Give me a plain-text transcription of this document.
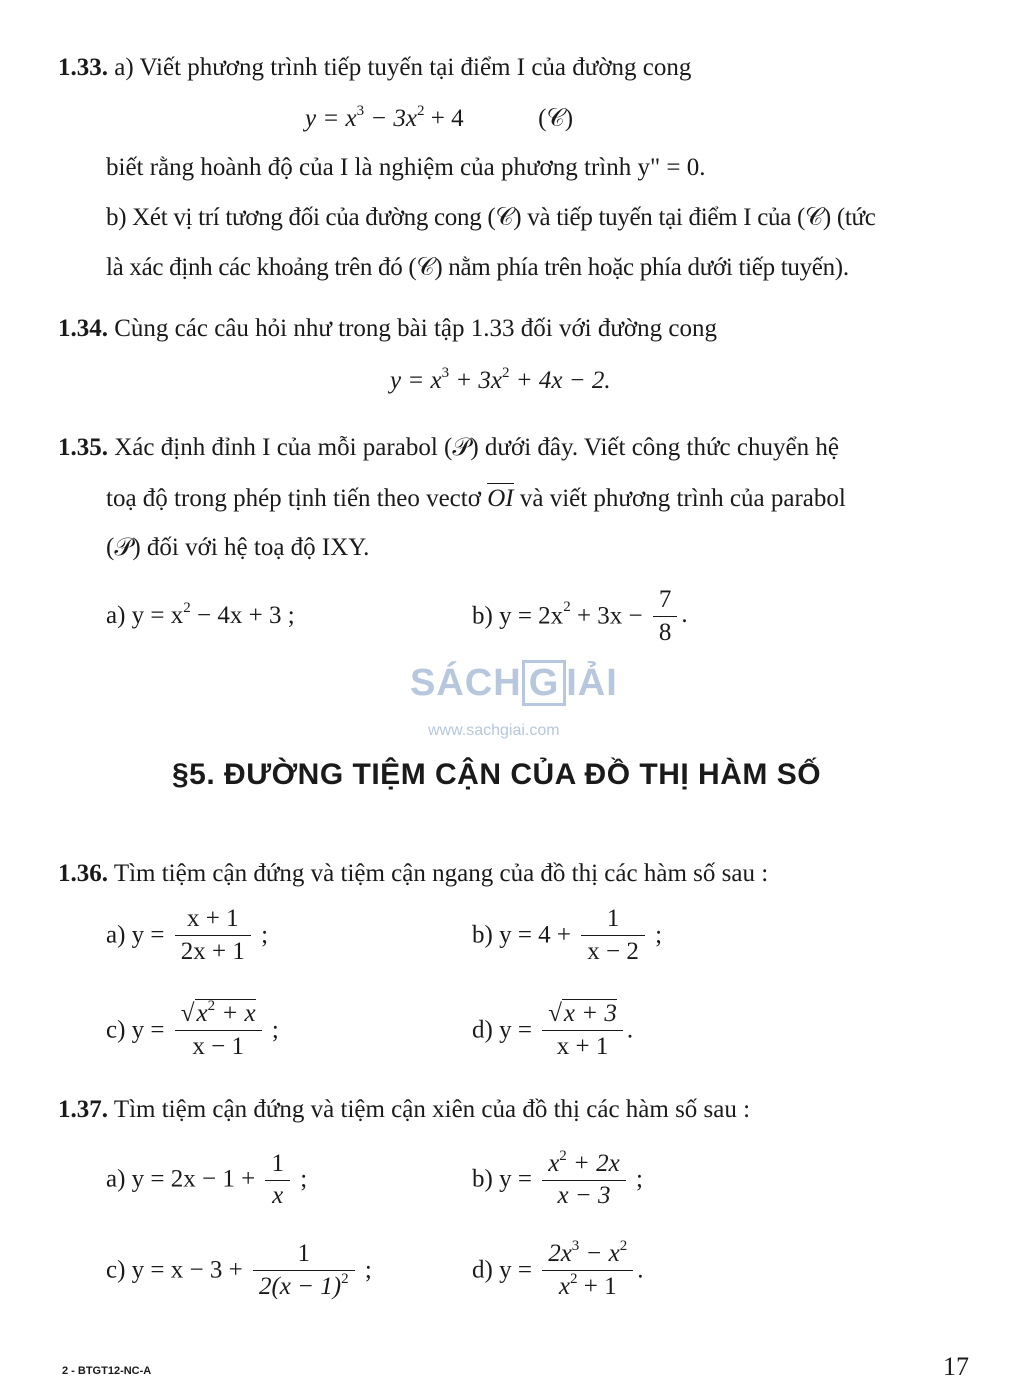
1.33. a) Viết phương trình tiếp tuyến tại điểm I của đường cong
$y = x^3 - 3x^2 + 4$	(𝒞)
biết rằng hoành độ của I là nghiệm của phương trình y" = 0.
b) Xét vị trí tương đối của đường cong (𝒞) và tiếp tuyến tại điểm I của (𝒞) (tức
là xác định các khoảng trên đó (𝒞) nằm phía trên hoặc phía dưới tiếp tuyến).
1.34. Cùng các câu hỏi như trong bài tập 1.33 đối với đường cong
$y = x^3 + 3x^2 + 4x - 2$.
1.35. Xác định đỉnh I của mỗi parabol (𝒫) dưới đây. Viết công thức chuyển hệ
toạ độ trong phép tịnh tiến theo vectơ OI và viết phương trình của parabol
(𝒫) đối với hệ toạ độ IXY.
a) $y = x^2 - 4x + 3$ ;	b) $y = 2x^2 + 3x - \frac{7}{8}$ .
SÁCH G IẢI
www.sachgiai.com
§5. ĐƯỜNG TIỆM CẬN CỦA ĐỒ THỊ HÀM SỐ
1.36. Tìm tiệm cận đứng và tiệm cận ngang của đồ thị các hàm số sau :
a) $y = \frac{x + 1}{2x + 1}$ ;	b) $y = 4 + \frac{1}{x - 2}$ ;
c) $y = \frac{√x^2 + x}{x - 1}$ ;	d) $y = \frac{√x + 3}{x + 1}$ .
1.37. Tìm tiệm cận đứng và tiệm cận xiên của đồ thị các hàm số sau :
a) $y = 2x - 1 + \frac{1}{x}$ ;	b) $y = \frac{x^2 + 2x}{x - 3}$ ;
c) $y = x - 3 + \frac{1}{2(x - 1)^2}$ ;	d) $y = \frac{2x^3 - x^2}{x^2 + 1}$ .
2 - BTGT12-NC-A	17
